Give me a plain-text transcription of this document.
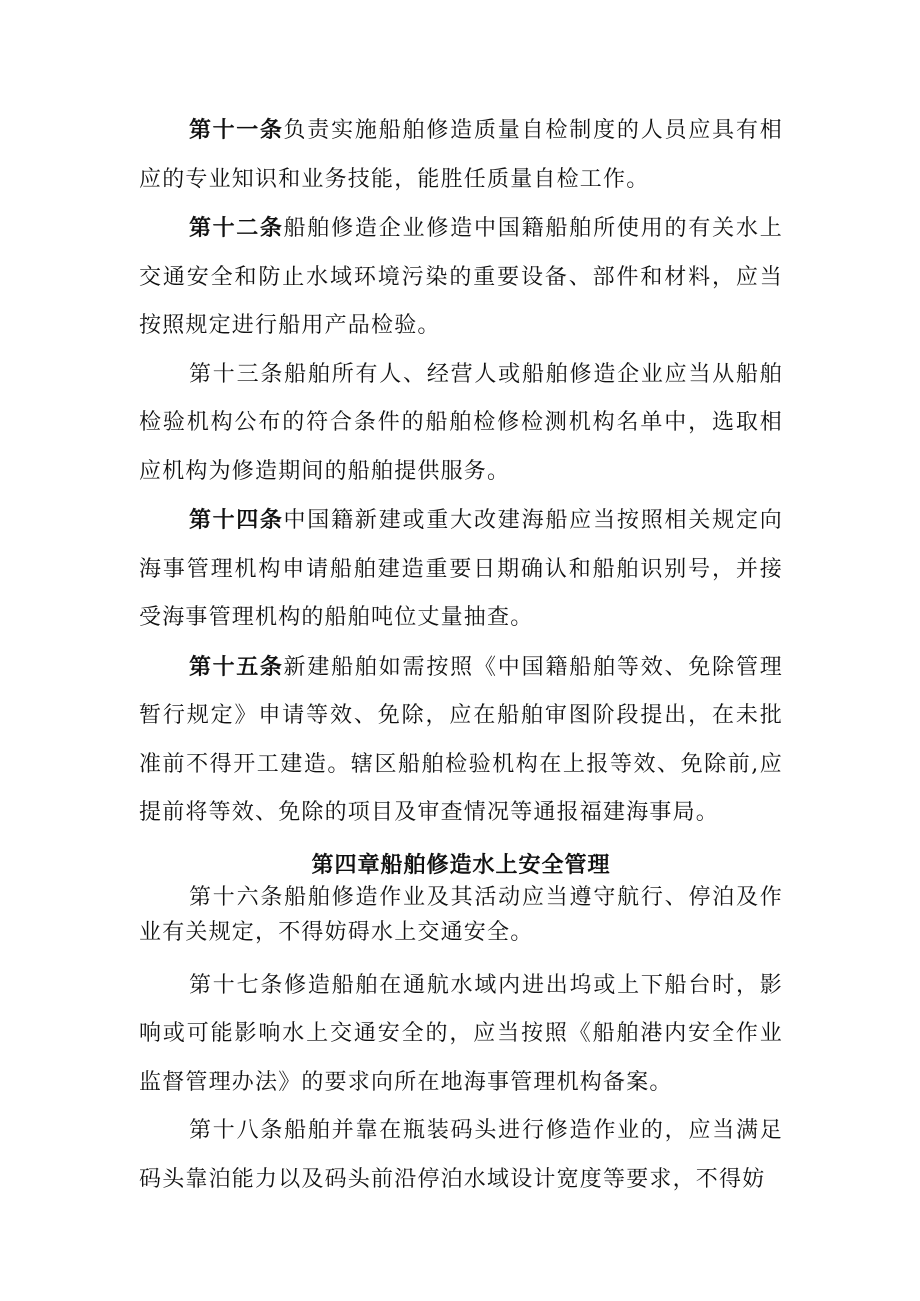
第十一条负责实施船舶修造质量自检制度的人员应具有相应的专业知识和业务技能，能胜任质量自检工作。

第十二条船舶修造企业修造中国籍船舶所使用的有关水上交通安全和防止水域环境污染的重要设备、部件和材料，应当按照规定进行船用产品检验。

第十三条船舶所有人、经营人或船舶修造企业应当从船舶检验机构公布的符合条件的船舶检修检测机构名单中，选取相应机构为修造期间的船舶提供服务。

第十四条中国籍新建或重大改建海船应当按照相关规定向海事管理机构申请船舶建造重要日期确认和船舶识别号，并接受海事管理机构的船舶吨位丈量抽查。

第十五条新建船舶如需按照《中国籍船舶等效、免除管理暂行规定》申请等效、免除，应在船舶审图阶段提出，在未批准前不得开工建造。辖区船舶检验机构在上报等效、免除前,应提前将等效、免除的项目及审查情况等通报福建海事局。

第四章船舶修造水上安全管理

第十六条船舶修造作业及其活动应当遵守航行、停泊及作业有关规定，不得妨碍水上交通安全。

第十七条修造船舶在通航水域内进出坞或上下船台时，影响或可能影响水上交通安全的，应当按照《船舶港内安全作业监督管理办法》的要求向所在地海事管理机构备案。

第十八条船舶并靠在瓶装码头进行修造作业的，应当满足码头靠泊能力以及码头前沿停泊水域设计宽度等要求，不得妨
